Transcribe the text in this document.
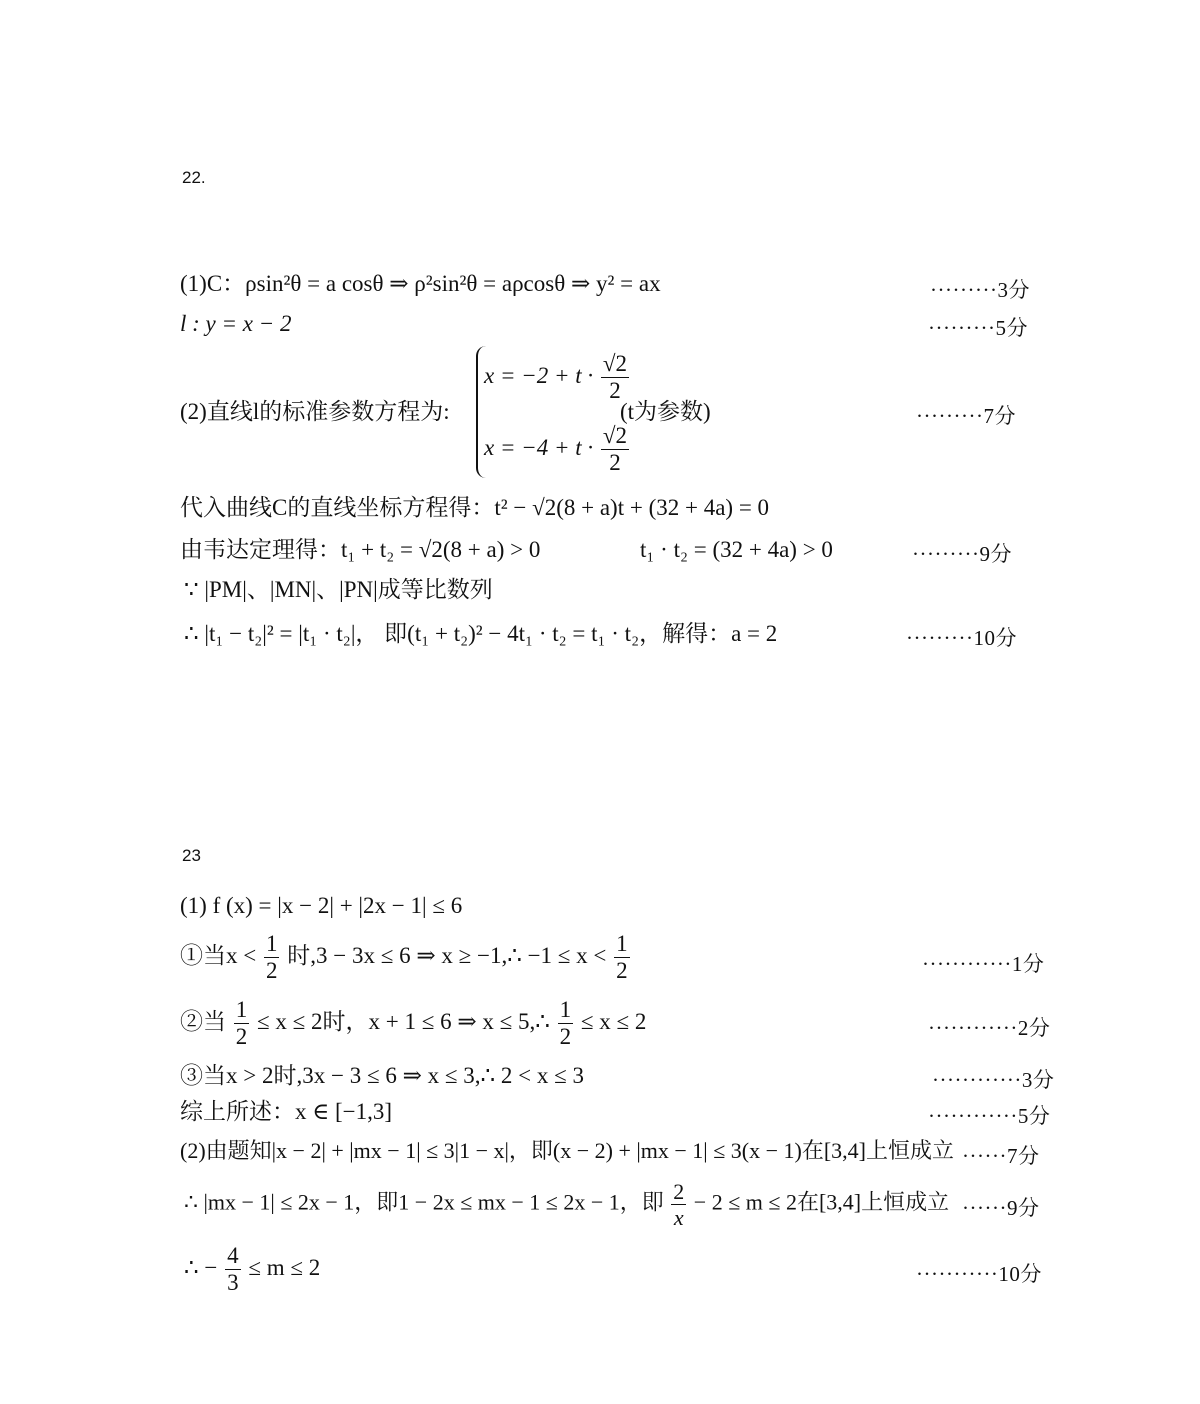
22.
(1)C：ρsin²θ = a cosθ ⇒ ρ²sin²θ = aρcosθ ⇒ y² = ax	·········3分
l : y = x − 2	·········5分
(2)直线l的标准参数方程为:
$x = -2 + t \cdot \frac{√2}{2}$
(t为参数)
$x = -4 + t \cdot \frac{√2}{2}$
·········7分
代入曲线C的直线坐标方程得：t² − √2(8 + a)t + (32 + 4a) = 0
由韦达定理得：t₁ + t₂ = √2(8 + a) > 0	t₁ · t₂ = (32 + 4a) > 0	·········9分
∵ |PM|、|MN|、|PN|成等比数列
∴ |t₁ − t₂|² = |t₁ · t₂|， 即(t₁ + t₂)² − 4t₁ · t₂ = t₁ · t₂，解得：a = 2	·········10分
23
(1) f (x) = |x − 2| + |2x − 1| ≤ 6
①当$x < \frac{1}{2}$ 时,3 − 3x ≤ 6 ⇒ x ≥ −1,∴ $-1 \le x < \frac{1}{2}$	············1分
②当 $\frac{1}{2} \le x \le 2$时，x + 1 ≤ 6 ⇒ x ≤ 5,∴ $\frac{1}{2} \le x \le 2$	············2分
③当x > 2时,3x − 3 ≤ 6 ⇒ x ≤ 3,∴ 2 < x ≤ 3	············3分
综上所述：x ∈ [−1,3]	············5分
(2)由题知|x − 2| + |mx − 1| ≤ 3|1 − x|，即(x − 2) + |mx − 1| ≤ 3(x − 1)在[3,4]上恒成立 ······7分
∴ |mx − 1| ≤ 2x − 1，即1 − 2x ≤ mx − 1 ≤ 2x − 1，即 $\frac{2}{x} - 2 \le m \le 2$在[3,4]上恒成立 ······9分
∴ − $\frac{4}{3} \le m \le 2$	···········10分
